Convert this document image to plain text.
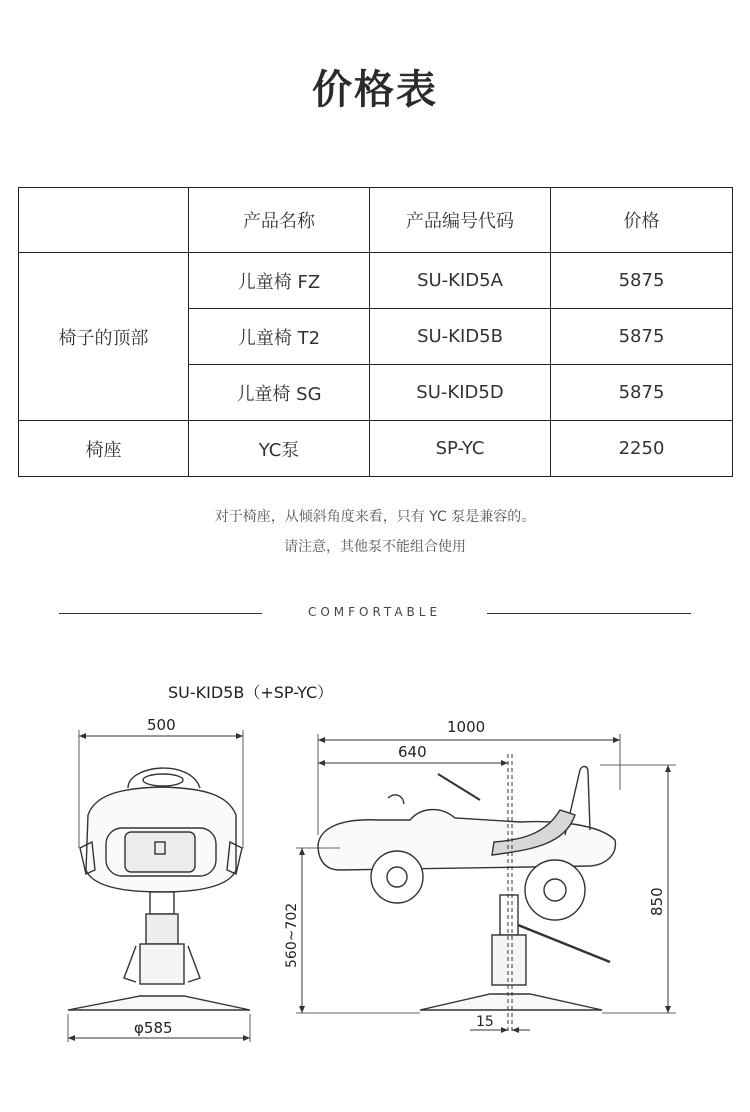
价格表
	产品名称	产品编号代码	价格
椅子的顶部	儿童椅 FZ	SU-KID5A	5875
	儿童椅 T2	SU-KID5B	5875
	儿童椅 SG	SU-KID5D	5875
椅座	YC泵	SP-YC	2250
对于椅座，从倾斜角度来看，只有 YC 泵是兼容的。
请注意，其他泵不能组合使用
COMFORTABLE
SU-KID5B（+SP-YC）
500
φ585
1000
640
850
560~702
15
